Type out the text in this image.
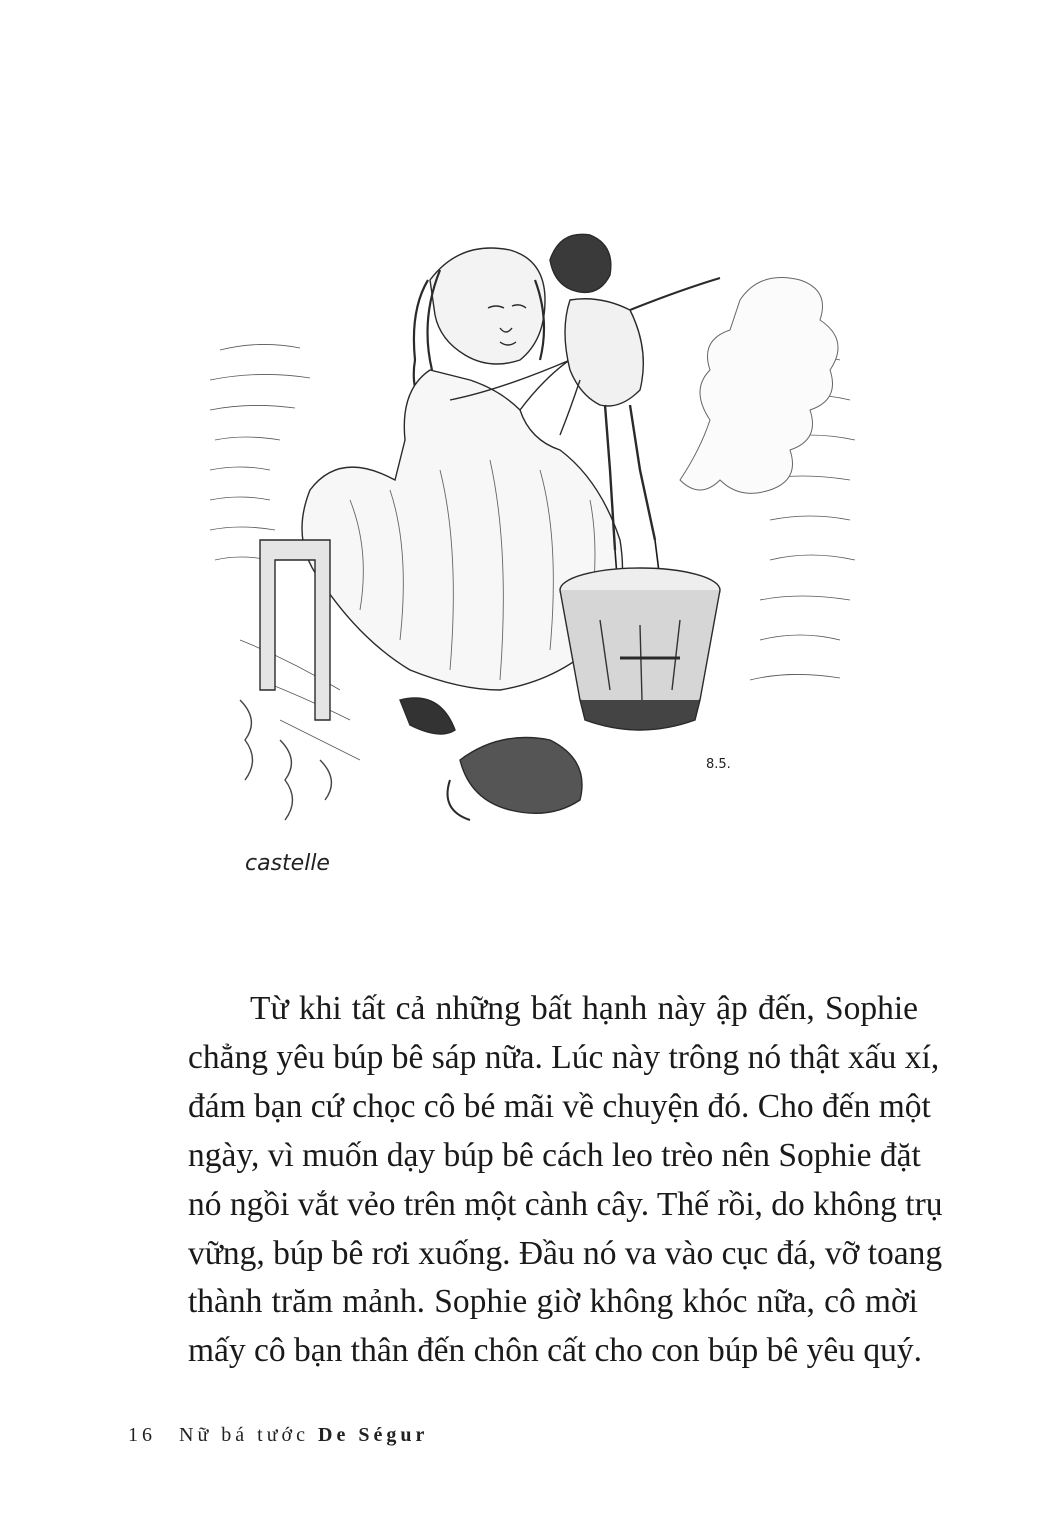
8.5.
castelle
Từ khi tất cả những bất hạnh này ập đến, Sophie
chẳng yêu búp bê sáp nữa. Lúc này trông nó thật xấu xí,
đám bạn cứ chọc cô bé mãi về chuyện đó. Cho đến một
ngày, vì muốn dạy búp bê cách leo trèo nên Sophie đặt
nó ngồi vắt vẻo trên một cành cây. Thế rồi, do không trụ
vững, búp bê rơi xuống. Đầu nó va vào cục đá, vỡ toang
thành trăm mảnh. Sophie giờ không khóc nữa, cô mời
mấy cô bạn thân đến chôn cất cho con búp bê yêu quý.
16 Nữ bá tước De Ségur
